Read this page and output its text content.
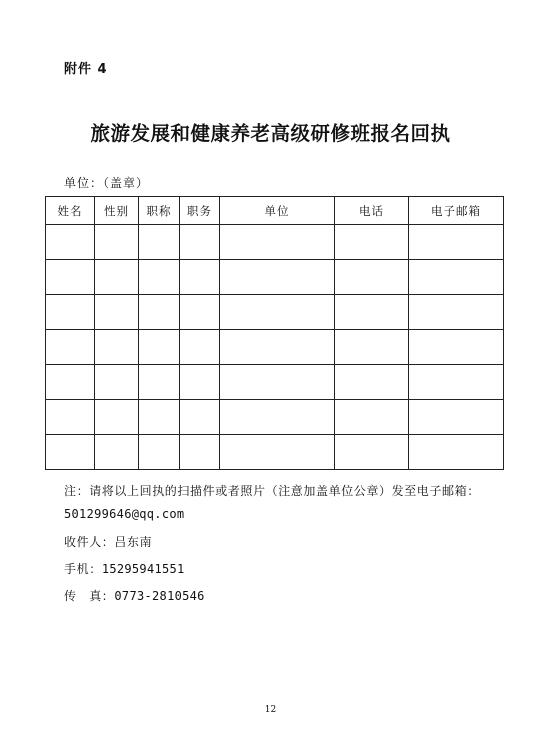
附件 4
旅游发展和健康养老高级研修班报名回执
单位：（盖章）
姓名	性别	职称	职务	单位	电话	电子邮箱

注：请将以上回执的扫描件或者照片（注意加盖单位公章）发至电子邮箱：
501299646@qq.com
收件人：吕东南
手机：15295941551
传　真：0773-2810546
12
